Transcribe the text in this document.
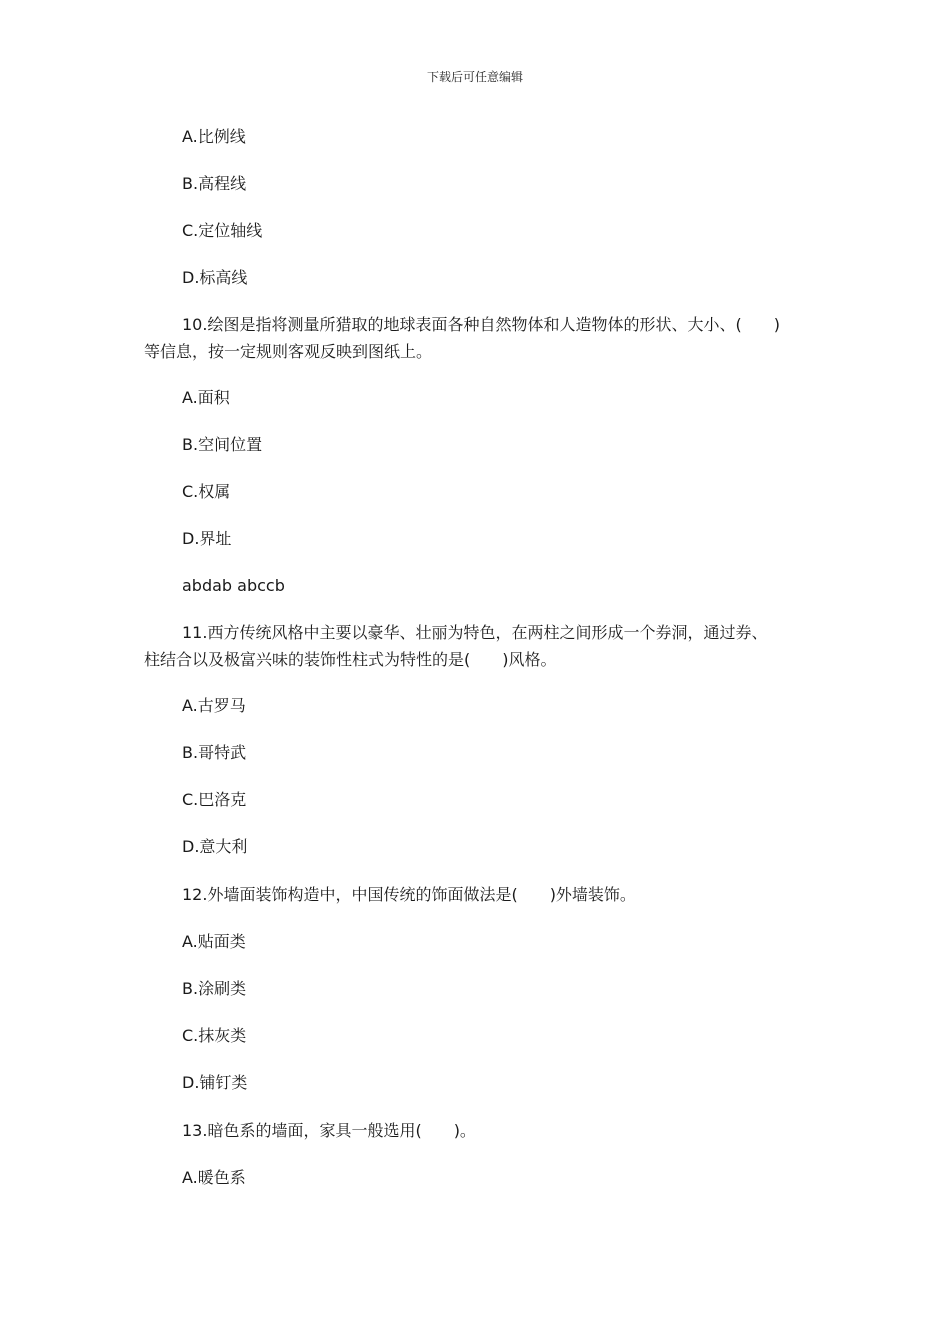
下载后可任意编辑
A.比例线
B.高程线
C.定位轴线
D.标高线
10.绘图是指将测量所猎取的地球表面各种自然物体和人造物体的形状、大小、(　　)
等信息，按一定规则客观反映到图纸上。
A.面积
B.空间位置
C.权属
D.界址
abdab abccb
11.西方传统风格中主要以豪华、壮丽为特色，在两柱之间形成一个券洞，通过券、
柱结合以及极富兴味的装饰性柱式为特性的是(　　)风格。
A.古罗马
B.哥特武
C.巴洛克
D.意大利
12.外墙面装饰构造中，中国传统的饰面做法是(　　)外墙装饰。
A.贴面类
B.涂刷类
C.抹灰类
D.铺钉类
13.暗色系的墙面，家具一般选用(　　)。
A.暖色系
